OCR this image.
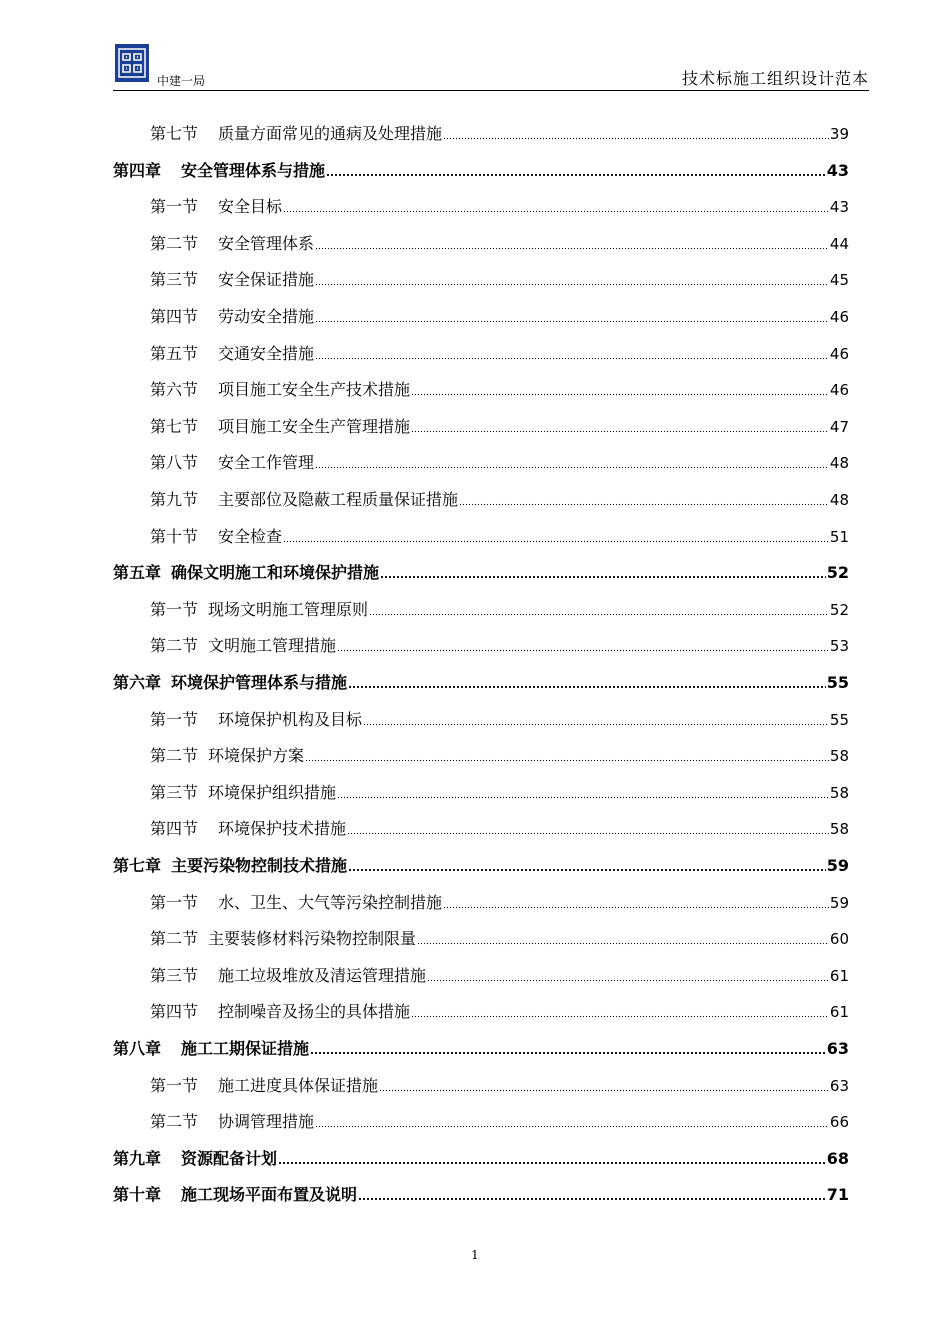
中建一局	技术标施工组织设计范本
第七节 质量方面常见的通病及处理措施	39
第四章 安全管理体系与措施	43
第一节 安全目标	43
第二节 安全管理体系	44
第三节 安全保证措施	45
第四节 劳动安全措施	46
第五节 交通安全措施	46
第六节 项目施工安全生产技术措施	46
第七节 项目施工安全生产管理措施	47
第八节 安全工作管理	48
第九节 主要部位及隐蔽工程质量保证措施	48
第十节 安全检查	51
第五章 确保文明施工和环境保护措施	52
第一节 现场文明施工管理原则	52
第二节 文明施工管理措施	53
第六章 环境保护管理体系与措施	55
第一节 环境保护机构及目标	55
第二节 环境保护方案	58
第三节 环境保护组织措施	58
第四节 环境保护技术措施	58
第七章 主要污染物控制技术措施	59
第一节 水、卫生、大气等污染控制措施	59
第二节 主要装修材料污染物控制限量	60
第三节 施工垃圾堆放及清运管理措施	61
第四节 控制噪音及扬尘的具体措施	61
第八章 施工工期保证措施	63
第一节 施工进度具体保证措施	63
第二节 协调管理措施	66
第九章 资源配备计划	68
第十章 施工现场平面布置及说明	71
1
